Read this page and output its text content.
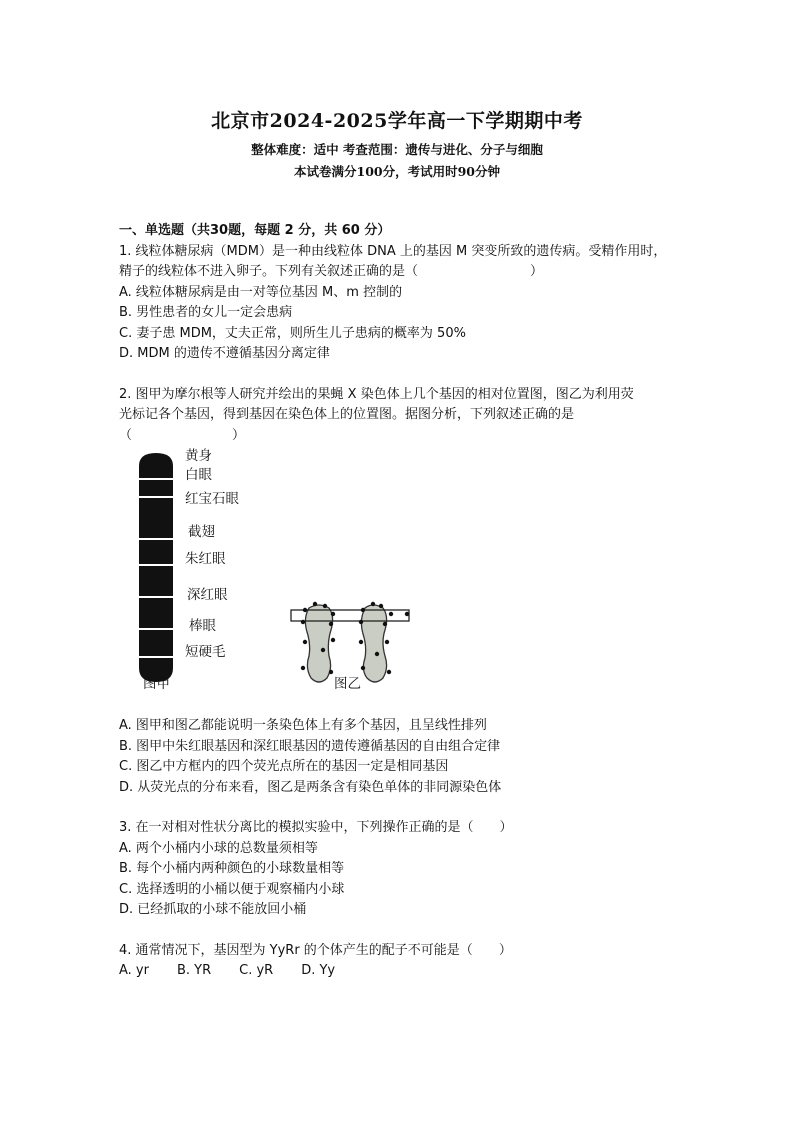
北京市2024-2025学年高一下学期期中考
整体难度：适中 考查范围：遗传与进化、分子与细胞
本试卷满分100分，考试用时90分钟
一、单选题（共30题，每题 2 分，共 60 分）
1. 线粒体糖尿病（MDM）是一种由线粒体 DNA 上的基因 M 突变所致的遗传病。受精作用时，
精子的线粒体不进入卵子。下列有关叙述正确的是（	）
A. 线粒体糖尿病是由一对等位基因 M、m 控制的
B. 男性患者的女儿一定会患病
C. 妻子患 MDM，丈夫正常，则所生儿子患病的概率为 50%
D. MDM 的遗传不遵循基因分离定律
2. 图甲为摩尔根等人研究并绘出的果蝇 X 染色体上几个基因的相对位置图，图乙为利用荧
光标记各个基因，得到基因在染色体上的位置图。据图分析，下列叙述正确的是
（	）
黄身
白眼
红宝石眼
截翅
朱红眼
深红眼
棒眼
短硬毛
图甲	图乙
A. 图甲和图乙都能说明一条染色体上有多个基因，且呈线性排列
B. 图甲中朱红眼基因和深红眼基因的遗传遵循基因的自由组合定律
C. 图乙中方框内的四个荧光点所在的基因一定是相同基因
D. 从荧光点的分布来看，图乙是两条含有染色单体的非同源染色体
3. 在一对相对性状分离比的模拟实验中，下列操作正确的是（ ）
A. 两个小桶内小球的总数量须相等
B. 每个小桶内两种颜色的小球数量相等
C. 选择透明的小桶以便于观察桶内小球
D. 已经抓取的小球不能放回小桶
4. 通常情况下，基因型为 YyRr 的个体产生的配子不可能是（ ）
A. yr B. YR C. yR D. Yy
